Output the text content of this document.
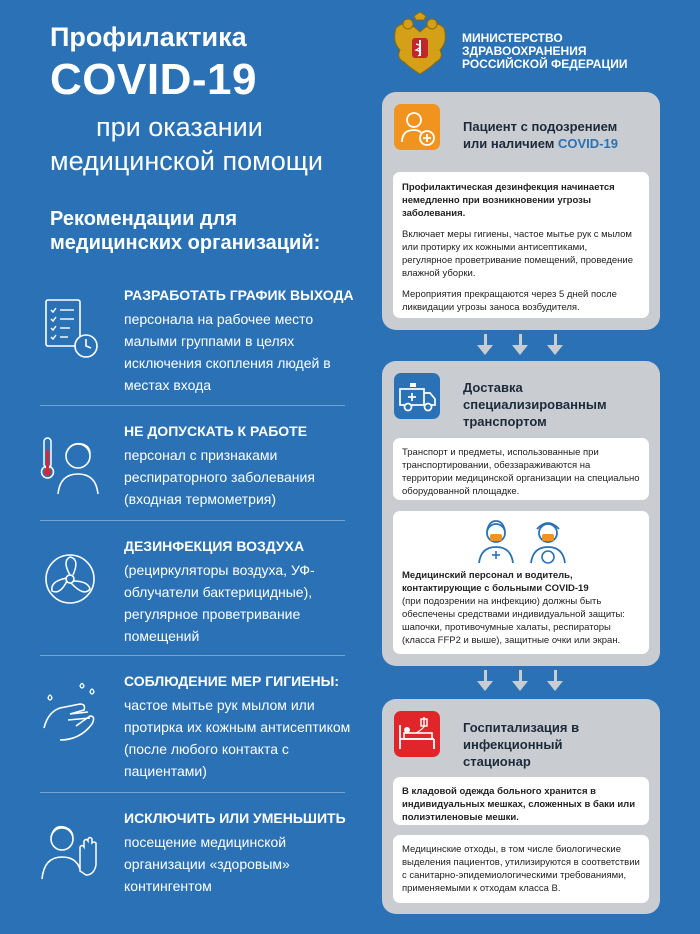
Профилактика
COVID-19
при оказании
медицинской помощи
Рекомендации для медицинских организаций:
РАЗРАБОТАТЬ ГРАФИК ВЫХОДА
персонала на рабочее место малыми группами в целях исключения скопления людей в местах входа
НЕ ДОПУСКАТЬ К РАБОТЕ
персонал с признаками респираторного заболевания (входная термометрия)
ДЕЗИНФЕКЦИЯ ВОЗДУХА
(рециркуляторы воздуха, УФ-облучатели бактерицидные), регулярное проветривание помещений
СОБЛЮДЕНИЕ МЕР ГИГИЕНЫ:
частое мытье рук мылом или протирка их кожным антисептиком (после любого контакта с пациентами)
ИСКЛЮЧИТЬ ИЛИ УМЕНЬШИТЬ
посещение медицинской организации «здоровым» контингентом
МИНИСТЕРСТВО
ЗДРАВООХРАНЕНИЯ
РОССИЙСКОЙ ФЕДЕРАЦИИ
Пациент с подозрением
или наличием COVID-19
Профилактическая дезинфекция начинается немедленно при возникновении угрозы заболевания.
Включает меры гигиены, частое мытье рук с мылом или протирку их кожными антисептиками, регулярное проветривание помещений, проведение влажной уборки.
Мероприятия прекращаются через 5 дней после ликвидации угрозы заноса возбудителя.
Доставка специализированным транспортом
Транспорт и предметы, использованные при транспортировании, обеззараживаются на территории медицинской организации на специально оборудованной площадке.
Медицинский персонал и водитель, контактирующие с больными COVID-19
(при подозрении на инфекцию) должны быть обеспечены средствами индивидуальной защиты: шапочки, противочумные халаты, респираторы (класса FFP2 и выше), защитные очки или экран.
Госпитализация в инфекционный стационар
В кладовой одежда больного хранится в индивидуальных мешках, сложенных в баки или полиэтиленовые мешки.
Медицинские отходы, в том числе биологические выделения пациентов, утилизируются в соответствии с санитарно-эпидемиологическими требованиями, применяемыми к отходам класса В.
